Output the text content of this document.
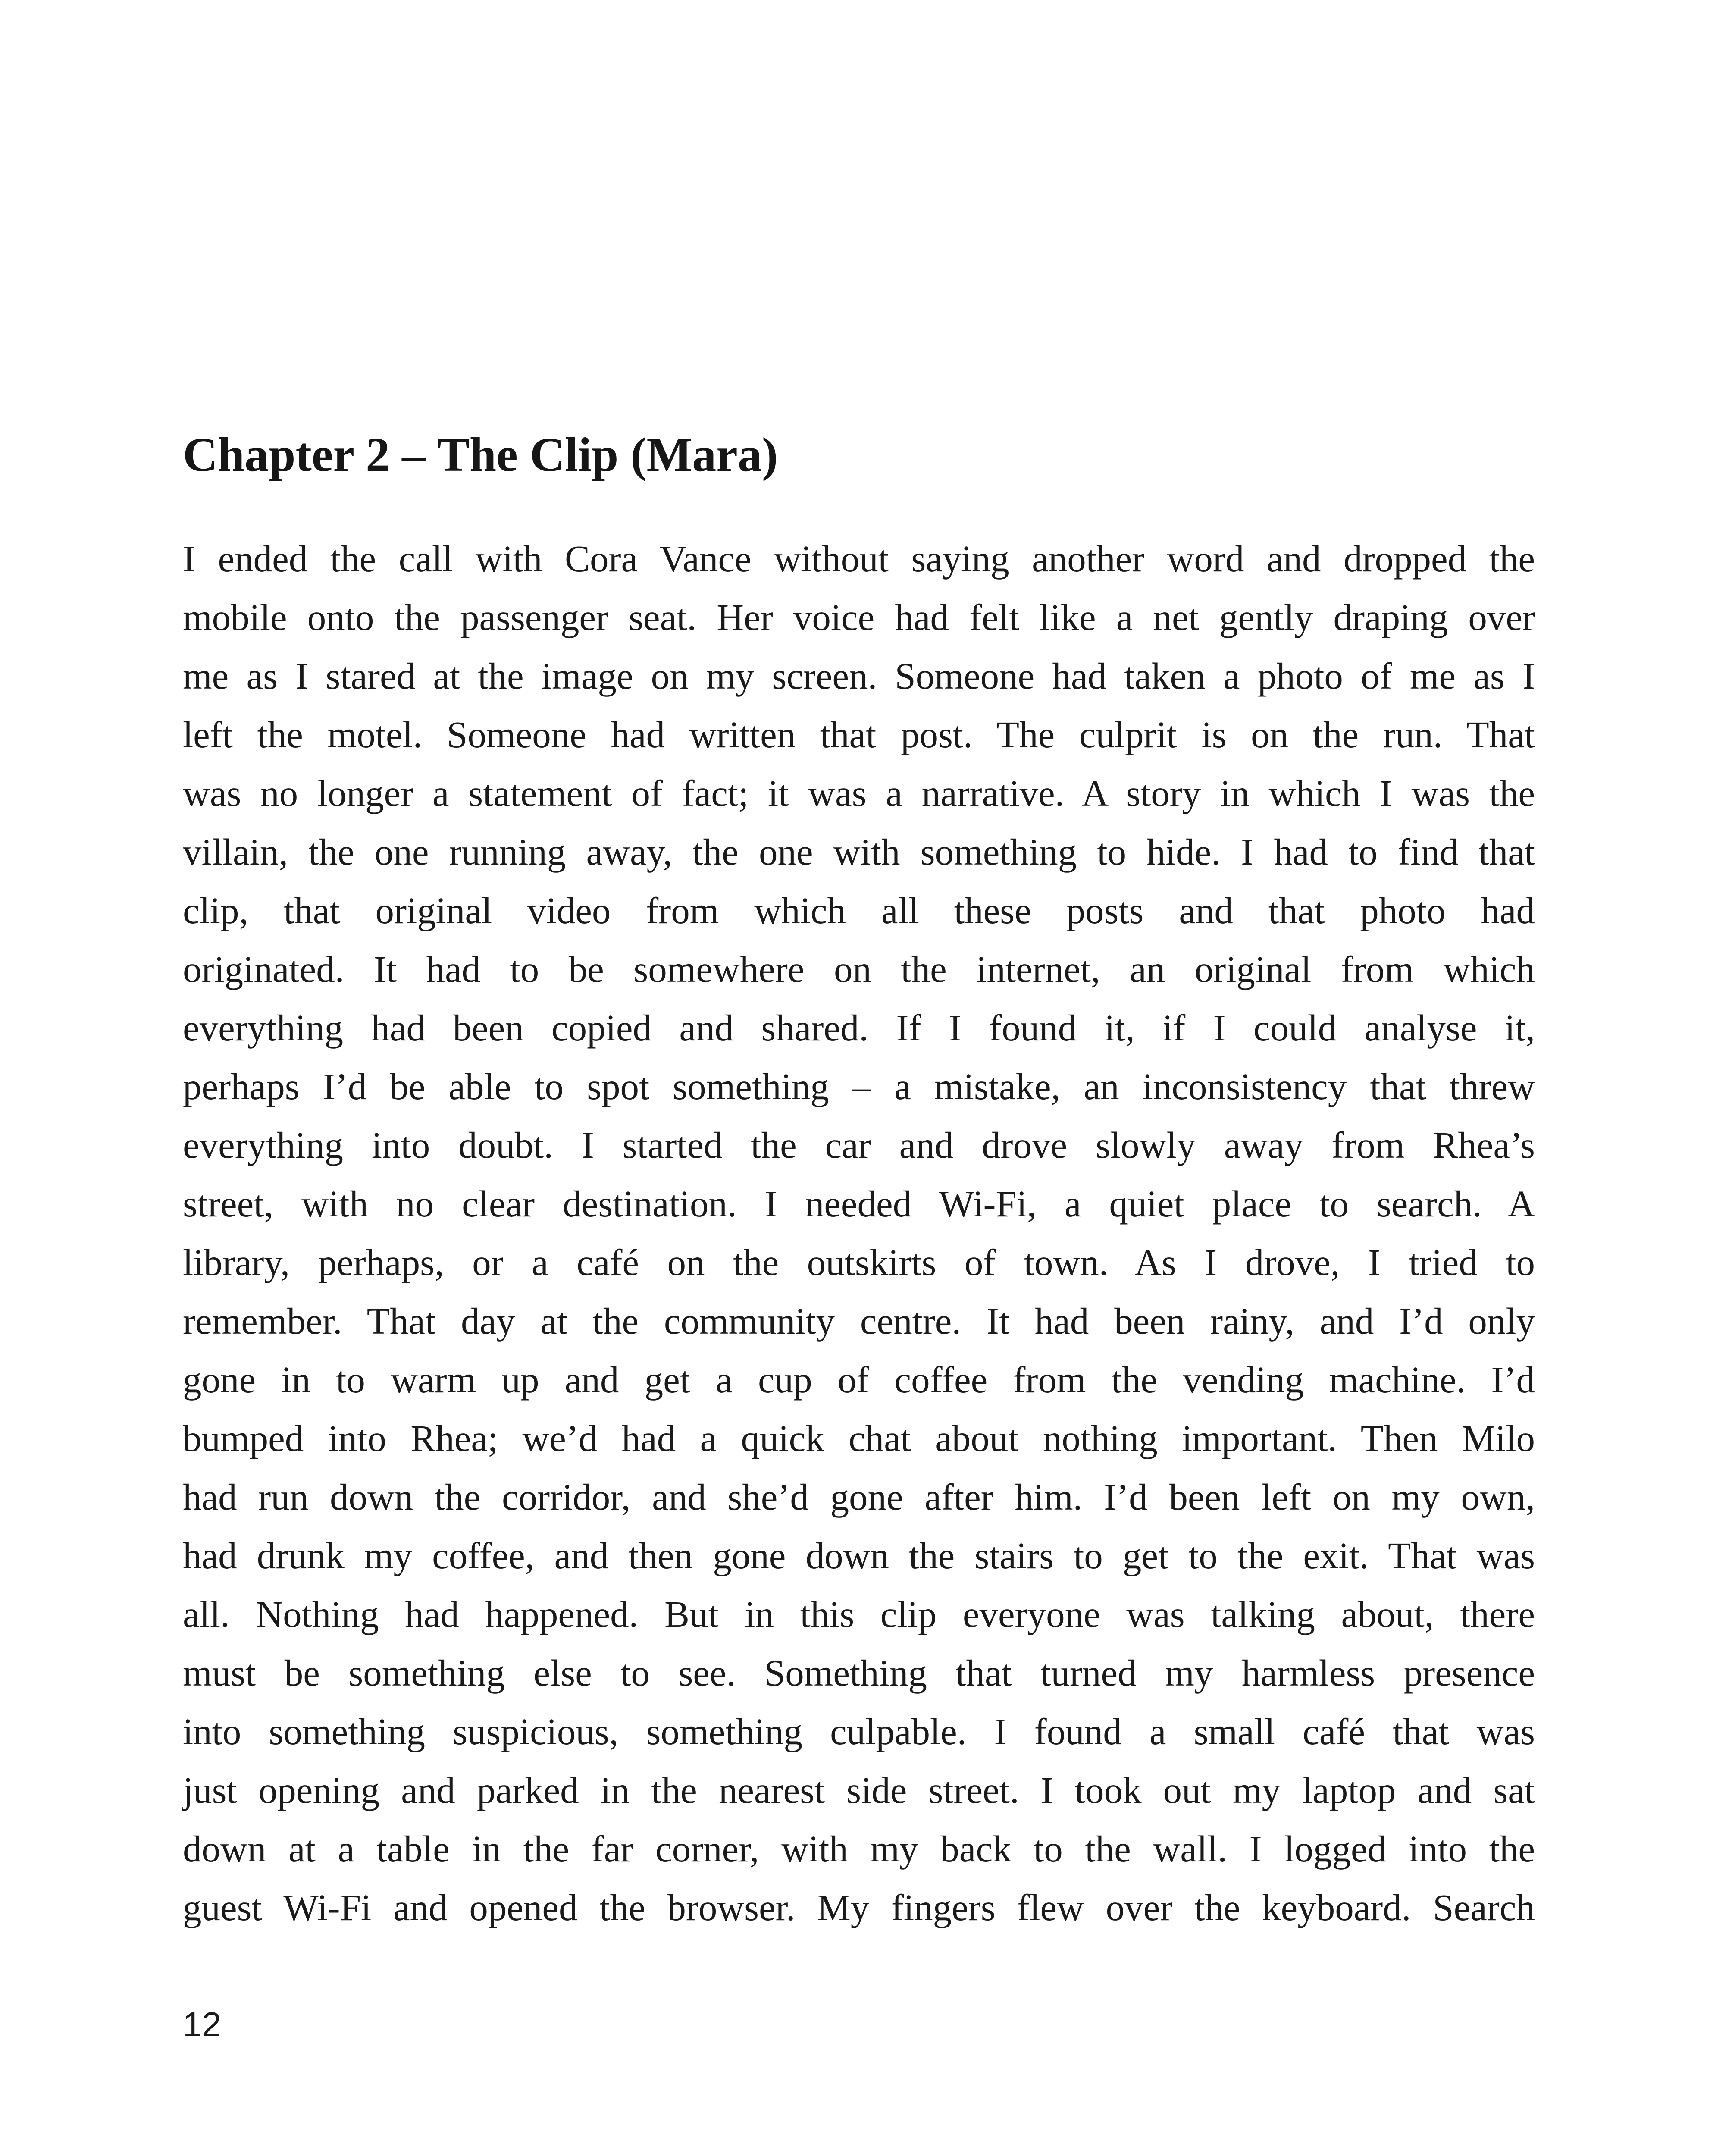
Chapter 2 – The Clip (Mara)
I ended the call with Cora Vance without saying another word and dropped the
mobile onto the passenger seat. Her voice had felt like a net gently draping over
me as I stared at the image on my screen. Someone had taken a photo of me as I
left the motel. Someone had written that post. The culprit is on the run. That
was no longer a statement of fact; it was a narrative. A story in which I was the
villain, the one running away, the one with something to hide. I had to find that
clip, that original video from which all these posts and that photo had
originated. It had to be somewhere on the internet, an original from which
everything had been copied and shared. If I found it, if I could analyse it,
perhaps I’d be able to spot something – a mistake, an inconsistency that threw
everything into doubt. I started the car and drove slowly away from Rhea’s
street, with no clear destination. I needed Wi-Fi, a quiet place to search. A
library, perhaps, or a café on the outskirts of town. As I drove, I tried to
remember. That day at the community centre. It had been rainy, and I’d only
gone in to warm up and get a cup of coffee from the vending machine. I’d
bumped into Rhea; we’d had a quick chat about nothing important. Then Milo
had run down the corridor, and she’d gone after him. I’d been left on my own,
had drunk my coffee, and then gone down the stairs to get to the exit. That was
all. Nothing had happened. But in this clip everyone was talking about, there
must be something else to see. Something that turned my harmless presence
into something suspicious, something culpable. I found a small café that was
just opening and parked in the nearest side street. I took out my laptop and sat
down at a table in the far corner, with my back to the wall. I logged into the
guest Wi-Fi and opened the browser. My fingers flew over the keyboard. Search

12
